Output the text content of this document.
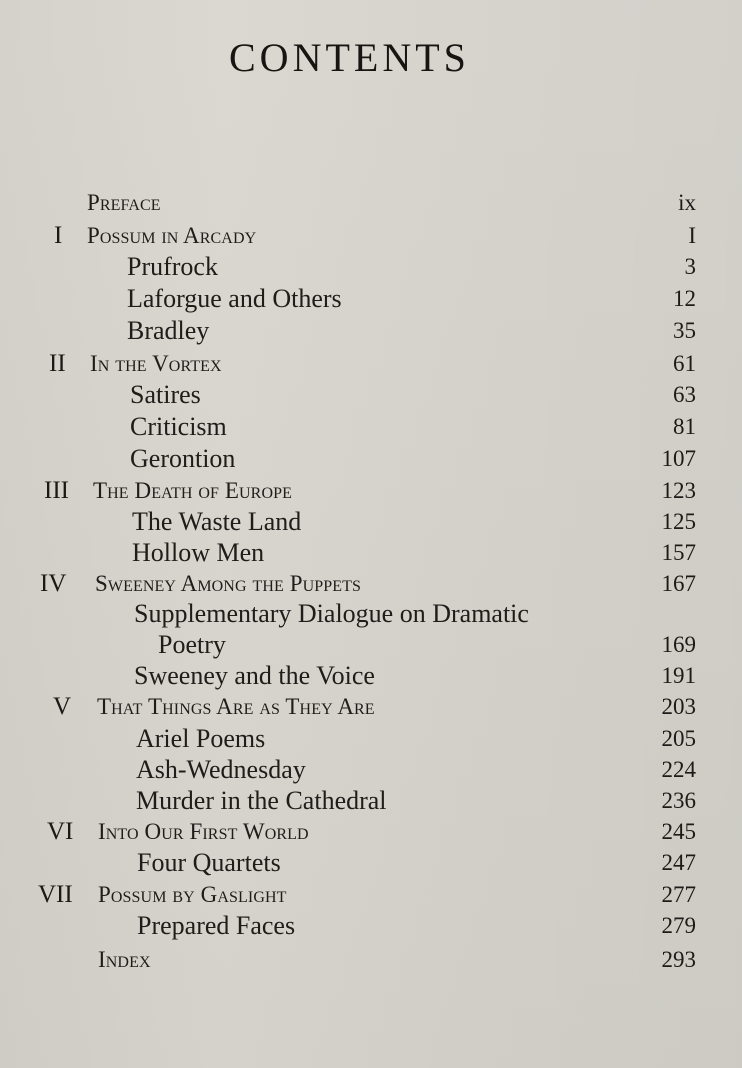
CONTENTS
Preface	ix
I Possum in Arcady	I
Prufrock	3
Laforgue and Others	12
Bradley	35
II In the Vortex	61
Satires	63
Criticism	81
Gerontion	107
III The Death of Europe	123
The Waste Land	125
Hollow Men	157
IV Sweeney Among the Puppets	167
Supplementary Dialogue on Dramatic
Poetry	169
Sweeney and the Voice	191
V That Things Are as They Are	203
Ariel Poems	205
Ash-Wednesday	224
Murder in the Cathedral	236
VI Into Our First World	245
Four Quartets	247
VII Possum by Gaslight	277
Prepared Faces	279
Index	293
